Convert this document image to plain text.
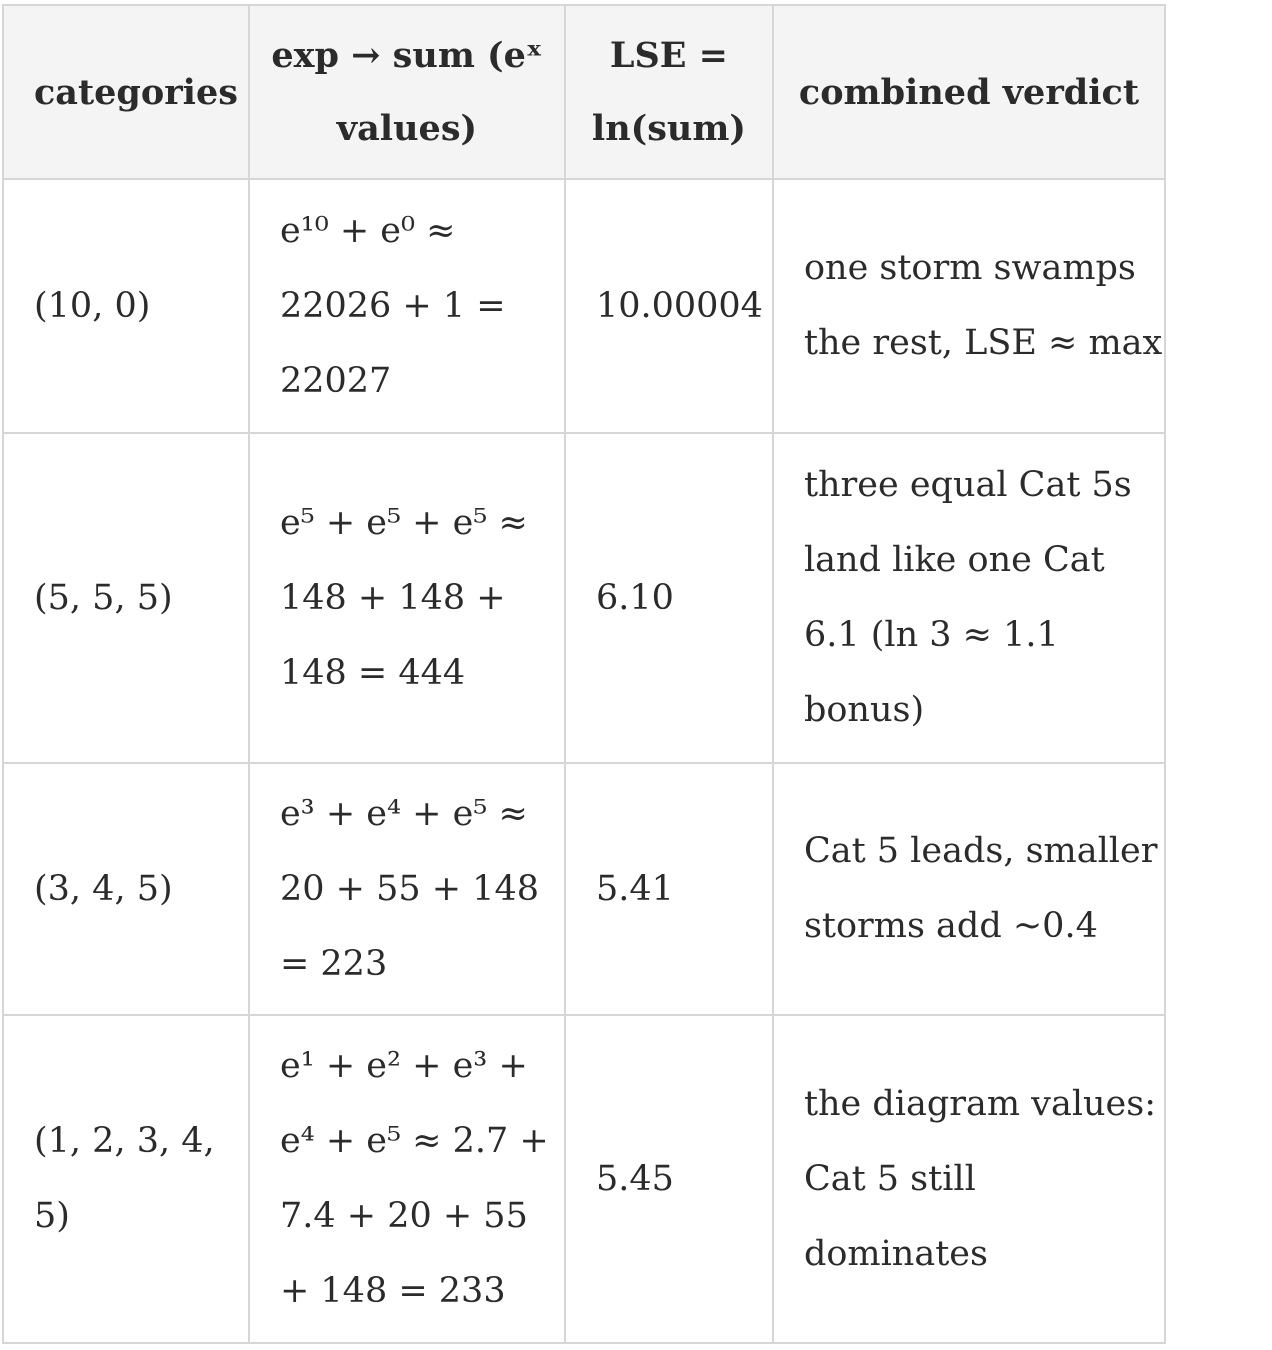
categories	exp → sum (eˣ values)	LSE = ln(sum)	combined verdict
(10, 0)	e¹⁰ + e⁰ ≈ 22026 + 1 = 22027	10.00004	one storm swamps the rest, LSE ≈ max
(5, 5, 5)	e⁵ + e⁵ + e⁵ ≈ 148 + 148 + 148 = 444	6.10	three equal Cat 5s land like one Cat 6.1 (ln 3 ≈ 1.1 bonus)
(3, 4, 5)	e³ + e⁴ + e⁵ ≈ 20 + 55 + 148 = 223	5.41	Cat 5 leads, smaller storms add ~0.4
(1, 2, 3, 4, 5)	e¹ + e² + e³ + e⁴ + e⁵ ≈ 2.7 + 7.4 + 20 + 55 + 148 = 233	5.45	the diagram values: Cat 5 still dominates
